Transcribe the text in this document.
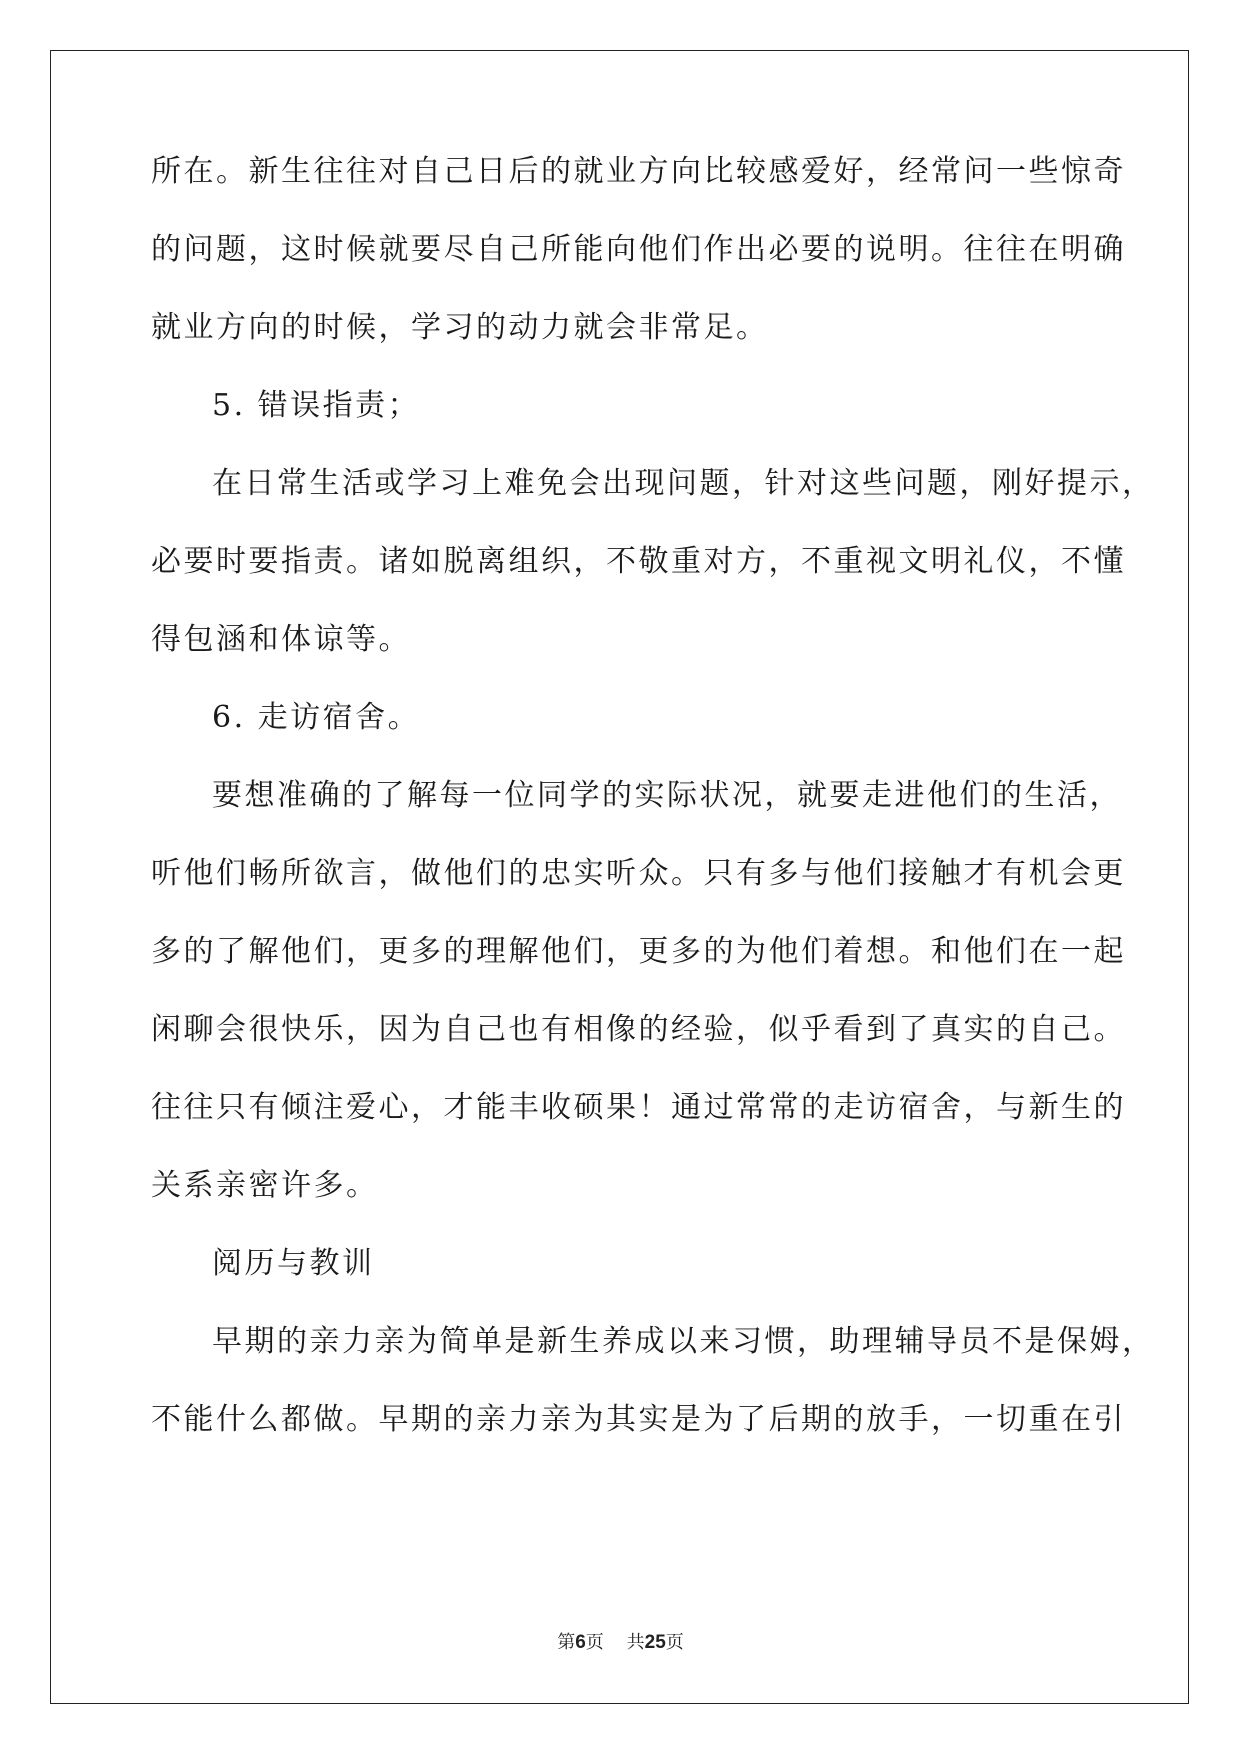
所在。新生往往对自己日后的就业方向比较感爱好，经常问一些惊奇

的问题，这时候就要尽自己所能向他们作出必要的说明。往往在明确

就业方向的时候，学习的动力就会非常足。

5. 错误指责；

在日常生活或学习上难免会出现问题，针对这些问题，刚好提示，

必要时要指责。诸如脱离组织，不敬重对方，不重视文明礼仪，不懂

得包涵和体谅等。

6. 走访宿舍。

要想准确的了解每一位同学的实际状况，就要走进他们的生活，

听他们畅所欲言，做他们的忠实听众。只有多与他们接触才有机会更

多的了解他们，更多的理解他们，更多的为他们着想。和他们在一起

闲聊会很快乐，因为自己也有相像的经验，似乎看到了真实的自己。

往往只有倾注爱心，才能丰收硕果！通过常常的走访宿舍，与新生的

关系亲密许多。

阅历与教训

早期的亲力亲为简单是新生养成以来习惯，助理辅导员不是保姆，

不能什么都做。早期的亲力亲为其实是为了后期的放手，一切重在引

第6页 共25页
